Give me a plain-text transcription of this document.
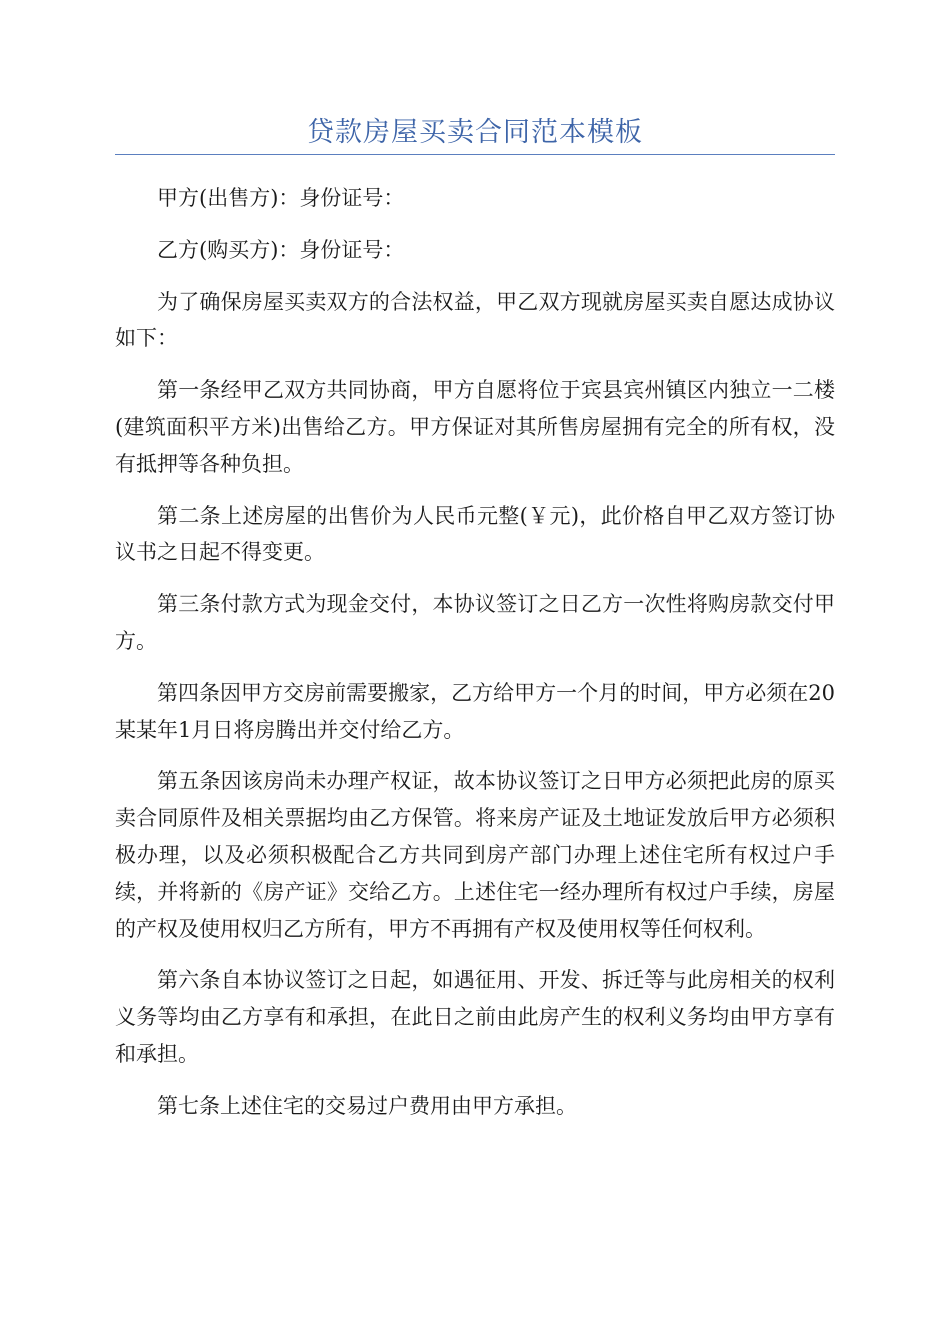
贷款房屋买卖合同范本模板

甲方(出售方)：身份证号：

乙方(购买方)：身份证号：

为了确保房屋买卖双方的合法权益，甲乙双方现就房屋买卖自愿达成协议如下：

第一条经甲乙双方共同协商，甲方自愿将位于宾县宾州镇区内独立一二楼(建筑面积平方米)出售给乙方。甲方保证对其所售房屋拥有完全的所有权，没有抵押等各种负担。

第二条上述房屋的出售价为人民币元整(￥元)，此价格自甲乙双方签订协议书之日起不得变更。

第三条付款方式为现金交付，本协议签订之日乙方一次性将购房款交付甲方。

第四条因甲方交房前需要搬家，乙方给甲方一个月的时间，甲方必须在20某某年1月日将房腾出并交付给乙方。

第五条因该房尚未办理产权证，故本协议签订之日甲方必须把此房的原买卖合同原件及相关票据均由乙方保管。将来房产证及土地证发放后甲方必须积极办理，以及必须积极配合乙方共同到房产部门办理上述住宅所有权过户手续，并将新的《房产证》交给乙方。上述住宅一经办理所有权过户手续，房屋的产权及使用权归乙方所有，甲方不再拥有产权及使用权等任何权利。

第六条自本协议签订之日起，如遇征用、开发、拆迁等与此房相关的权利义务等均由乙方享有和承担，在此日之前由此房产生的权利义务均由甲方享有和承担。

第七条上述住宅的交易过户费用由甲方承担。
